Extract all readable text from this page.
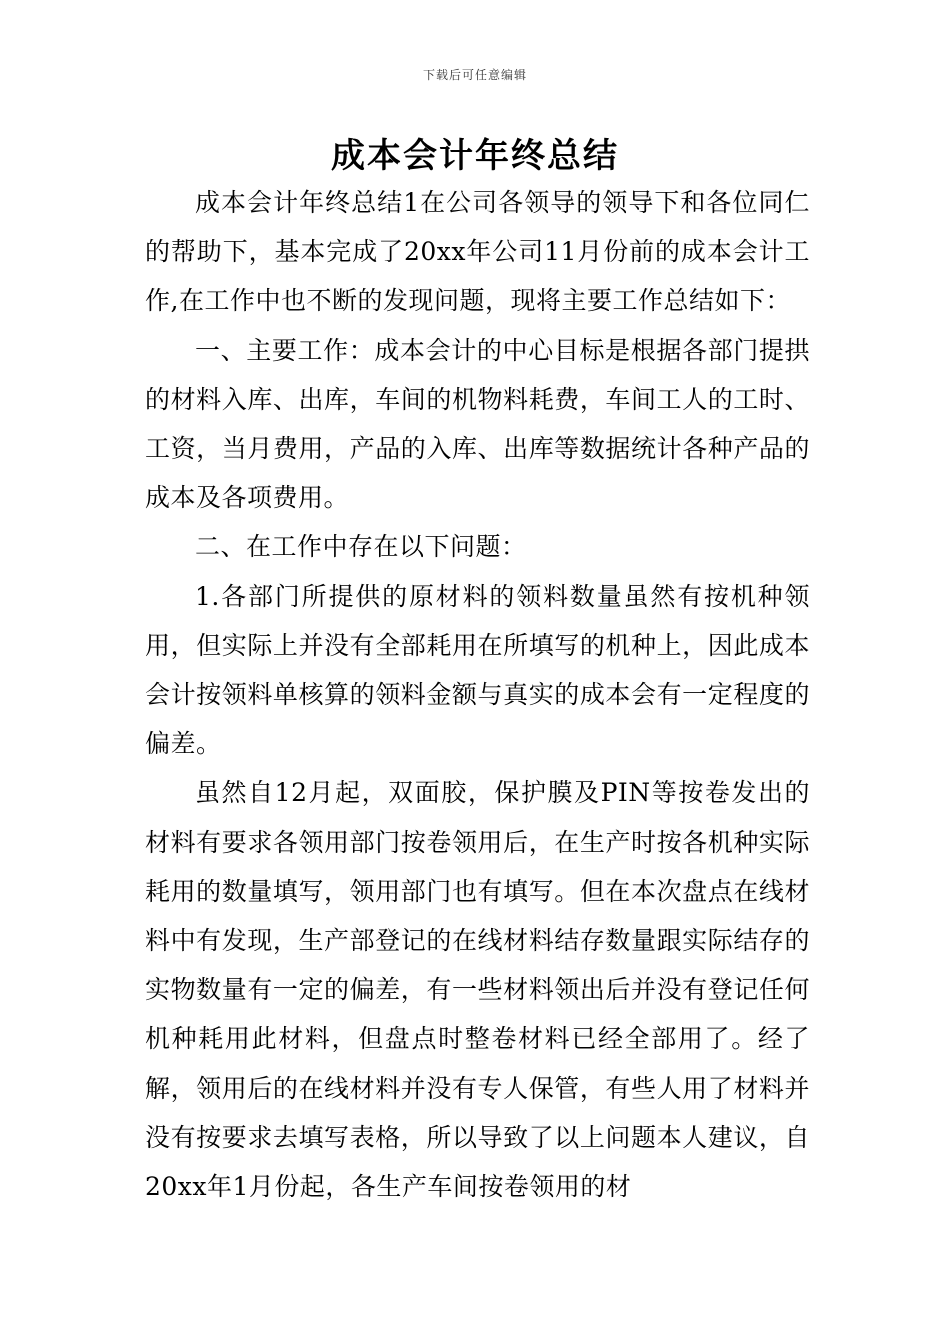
下载后可任意编辑
成本会计年终总结

成本会计年终总结1在公司各领导的领导下和各位同仁的帮助下，基本完成了20xx年公司11月份前的成本会计工作,在工作中也不断的发现问题，现将主要工作总结如下：

一、主要工作：成本会计的中心目标是根据各部门提拱的材料入库、出库，车间的机物料耗费，车间工人的工时、工资，当月费用，产品的入库、出库等数据统计各种产品的成本及各项费用。

二、在工作中存在以下问题：

1.各部门所提供的原材料的领料数量虽然有按机种领用，但实际上并没有全部耗用在所填写的机种上，因此成本会计按领料单核算的领料金额与真实的成本会有一定程度的偏差。

虽然自12月起，双面胶，保护膜及PIN等按卷发出的材料有要求各领用部门按卷领用后，在生产时按各机种实际耗用的数量填写，领用部门也有填写。但在本次盘点在线材料中有发现，生产部登记的在线材料结存数量跟实际结存的实物数量有一定的偏差，有一些材料领出后并没有登记任何机种耗用此材料，但盘点时整卷材料已经全部用了。经了解，领用后的在线材料并没有专人保管，有些人用了材料并没有按要求去填写表格，所以导致了以上问题本人建议，自20xx年1月份起，各生产车间按卷领用的材
